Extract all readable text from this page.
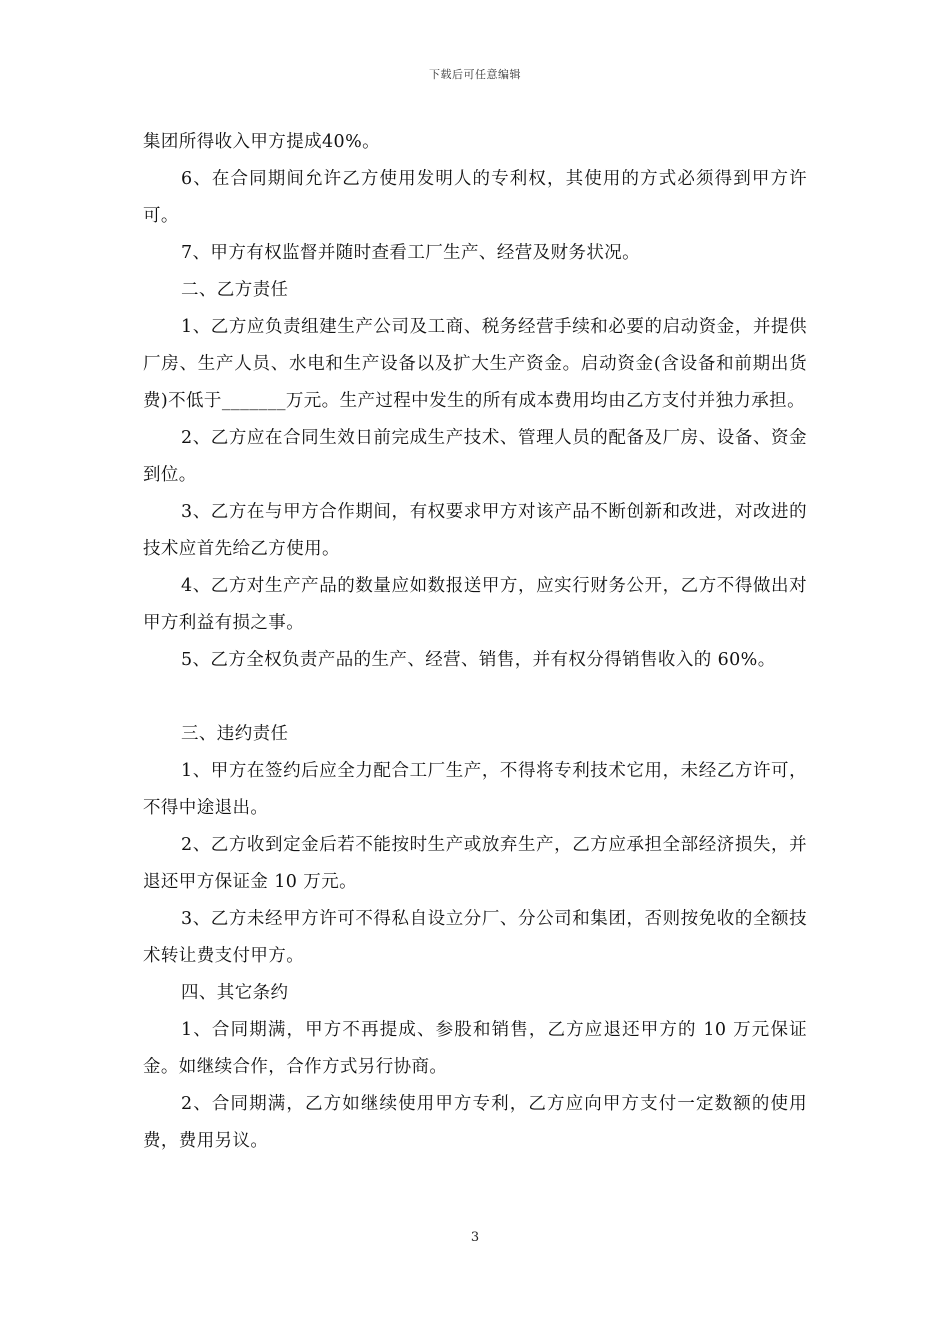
下载后可任意编辑

集团所得收入甲方提成40%。

6、在合同期间允许乙方使用发明人的专利权，其使用的方式必须得到甲方许可。

7、甲方有权监督并随时查看工厂生产、经营及财务状况。

二、乙方责任

1、乙方应负责组建生产公司及工商、税务经营手续和必要的启动资金，并提供厂房、生产人员、水电和生产设备以及扩大生产资金。启动资金(含设备和前期出货费)不低于_______万元。生产过程中发生的所有成本费用均由乙方支付并独力承担。

2、乙方应在合同生效日前完成生产技术、管理人员的配备及厂房、设备、资金到位。

3、乙方在与甲方合作期间，有权要求甲方对该产品不断创新和改进，对改进的技术应首先给乙方使用。

4、乙方对生产产品的数量应如数报送甲方，应实行财务公开，乙方不得做出对甲方利益有损之事。

5、乙方全权负责产品的生产、经营、销售，并有权分得销售收入的 60%。

三、违约责任

1、甲方在签约后应全力配合工厂生产，不得将专利技术它用，未经乙方许可，不得中途退出。

2、乙方收到定金后若不能按时生产或放弃生产，乙方应承担全部经济损失，并退还甲方保证金 10 万元。

3、乙方未经甲方许可不得私自设立分厂、分公司和集团，否则按免收的全额技术转让费支付甲方。

四、其它条约

1、合同期满，甲方不再提成、参股和销售，乙方应退还甲方的 10 万元保证金。如继续合作，合作方式另行协商。

2、合同期满，乙方如继续使用甲方专利，乙方应向甲方支付一定数额的使用费，费用另议。

3
